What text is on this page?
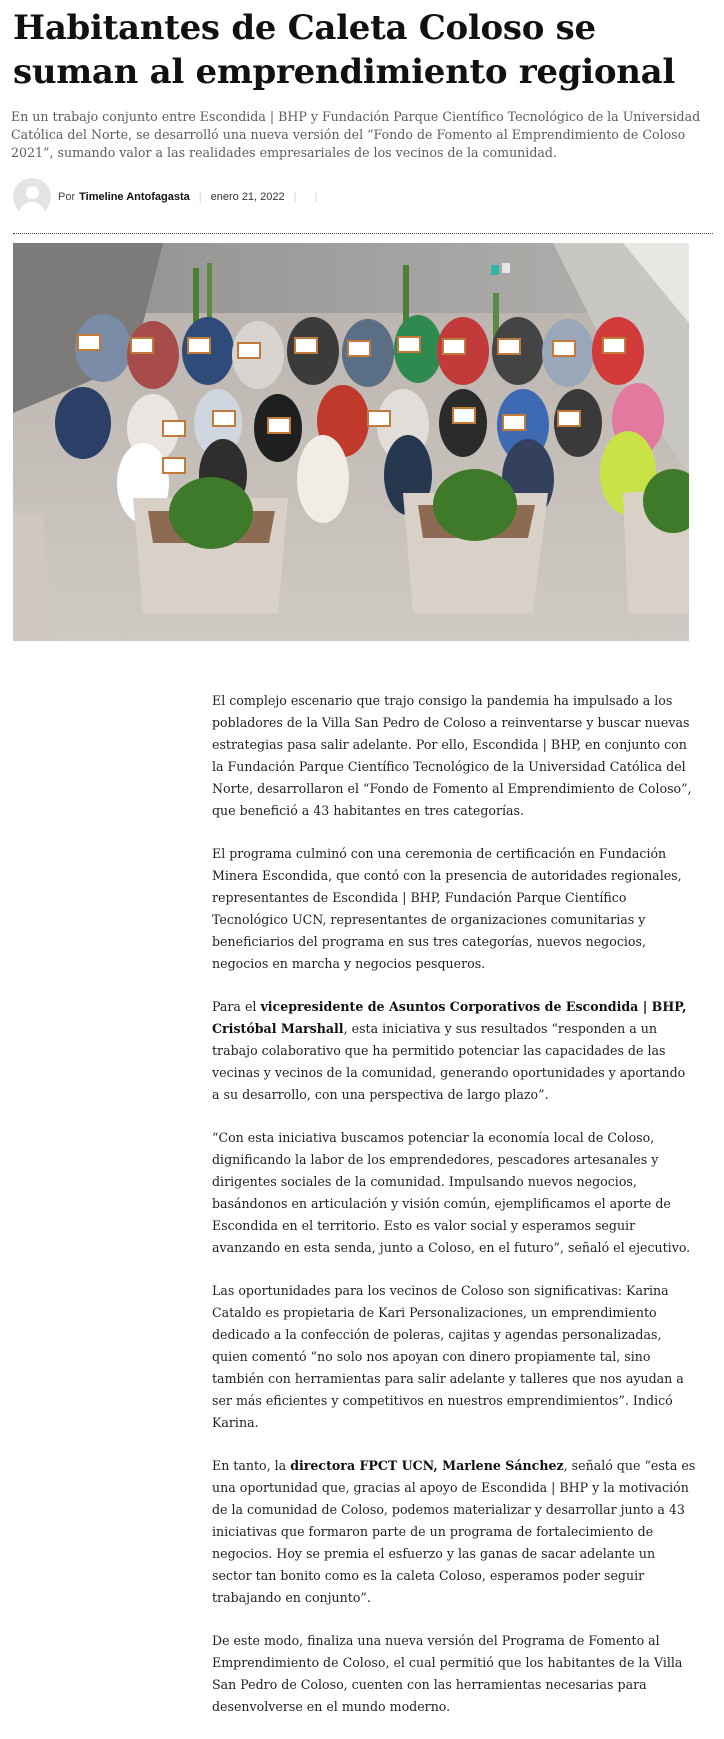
Habitantes de Caleta Coloso se suman al emprendimiento regional

En un trabajo conjunto entre Escondida | BHP y Fundación Parque Científico Tecnológico de la Universidad Católica del Norte, se desarrolló una nueva versión del “Fondo de Fomento al Emprendimiento de Coloso 2021”, sumando valor a las realidades empresariales de los vecinos de la comunidad.

Por Timeline Antofagasta | enero 21, 2022 | |

El complejo escenario que trajo consigo la pandemia ha impulsado a los pobladores de la Villa San Pedro de Coloso a reinventarse y buscar nuevas estrategias pasa salir adelante. Por ello, Escondida | BHP, en conjunto con la Fundación Parque Científico Tecnológico de la Universidad Católica del Norte, desarrollaron el “Fondo de Fomento al Emprendimiento de Coloso”, que benefició a 43 habitantes en tres categorías.

El programa culminó con una ceremonia de certificación en Fundación Minera Escondida, que contó con la presencia de autoridades regionales, representantes de Escondida | BHP, Fundación Parque Científico Tecnológico UCN, representantes de organizaciones comunitarias y beneficiarios del programa en sus tres categorías, nuevos negocios, negocios en marcha y negocios pesqueros.

Para el vicepresidente de Asuntos Corporativos de Escondida | BHP, Cristóbal Marshall, esta iniciativa y sus resultados “responden a un trabajo colaborativo que ha permitido potenciar las capacidades de las vecinas y vecinos de la comunidad, generando oportunidades y aportando a su desarrollo, con una perspectiva de largo plazo”.

“Con esta iniciativa buscamos potenciar la economía local de Coloso, dignificando la labor de los emprendedores, pescadores artesanales y dirigentes sociales de la comunidad. Impulsando nuevos negocios, basándonos en articulación y visión común, ejemplificamos el aporte de Escondida en el territorio. Esto es valor social y esperamos seguir avanzando en esta senda, junto a Coloso, en el futuro”, señaló el ejecutivo.

Las oportunidades para los vecinos de Coloso son significativas: Karina Cataldo es propietaria de Kari Personalizaciones, un emprendimiento dedicado a la confección de poleras, cajitas y agendas personalizadas, quien comentó “no solo nos apoyan con dinero propiamente tal, sino también con herramientas para salir adelante y talleres que nos ayudan a ser más eficientes y competitivos en nuestros emprendimientos”. Indicó Karina.

En tanto, la directora FPCT UCN, Marlene Sánchez, señaló que “esta es una oportunidad que, gracias al apoyo de Escondida | BHP y la motivación de la comunidad de Coloso, podemos materializar y desarrollar junto a 43 iniciativas que formaron parte de un programa de fortalecimiento de negocios. Hoy se premia el esfuerzo y las ganas de sacar adelante un sector tan bonito como es la caleta Coloso, esperamos poder seguir trabajando en conjunto”.

De este modo, finaliza una nueva versión del Programa de Fomento al Emprendimiento de Coloso, el cual permitió que los habitantes de la Villa San Pedro de Coloso, cuenten con las herramientas necesarias para desenvolverse en el mundo moderno.
